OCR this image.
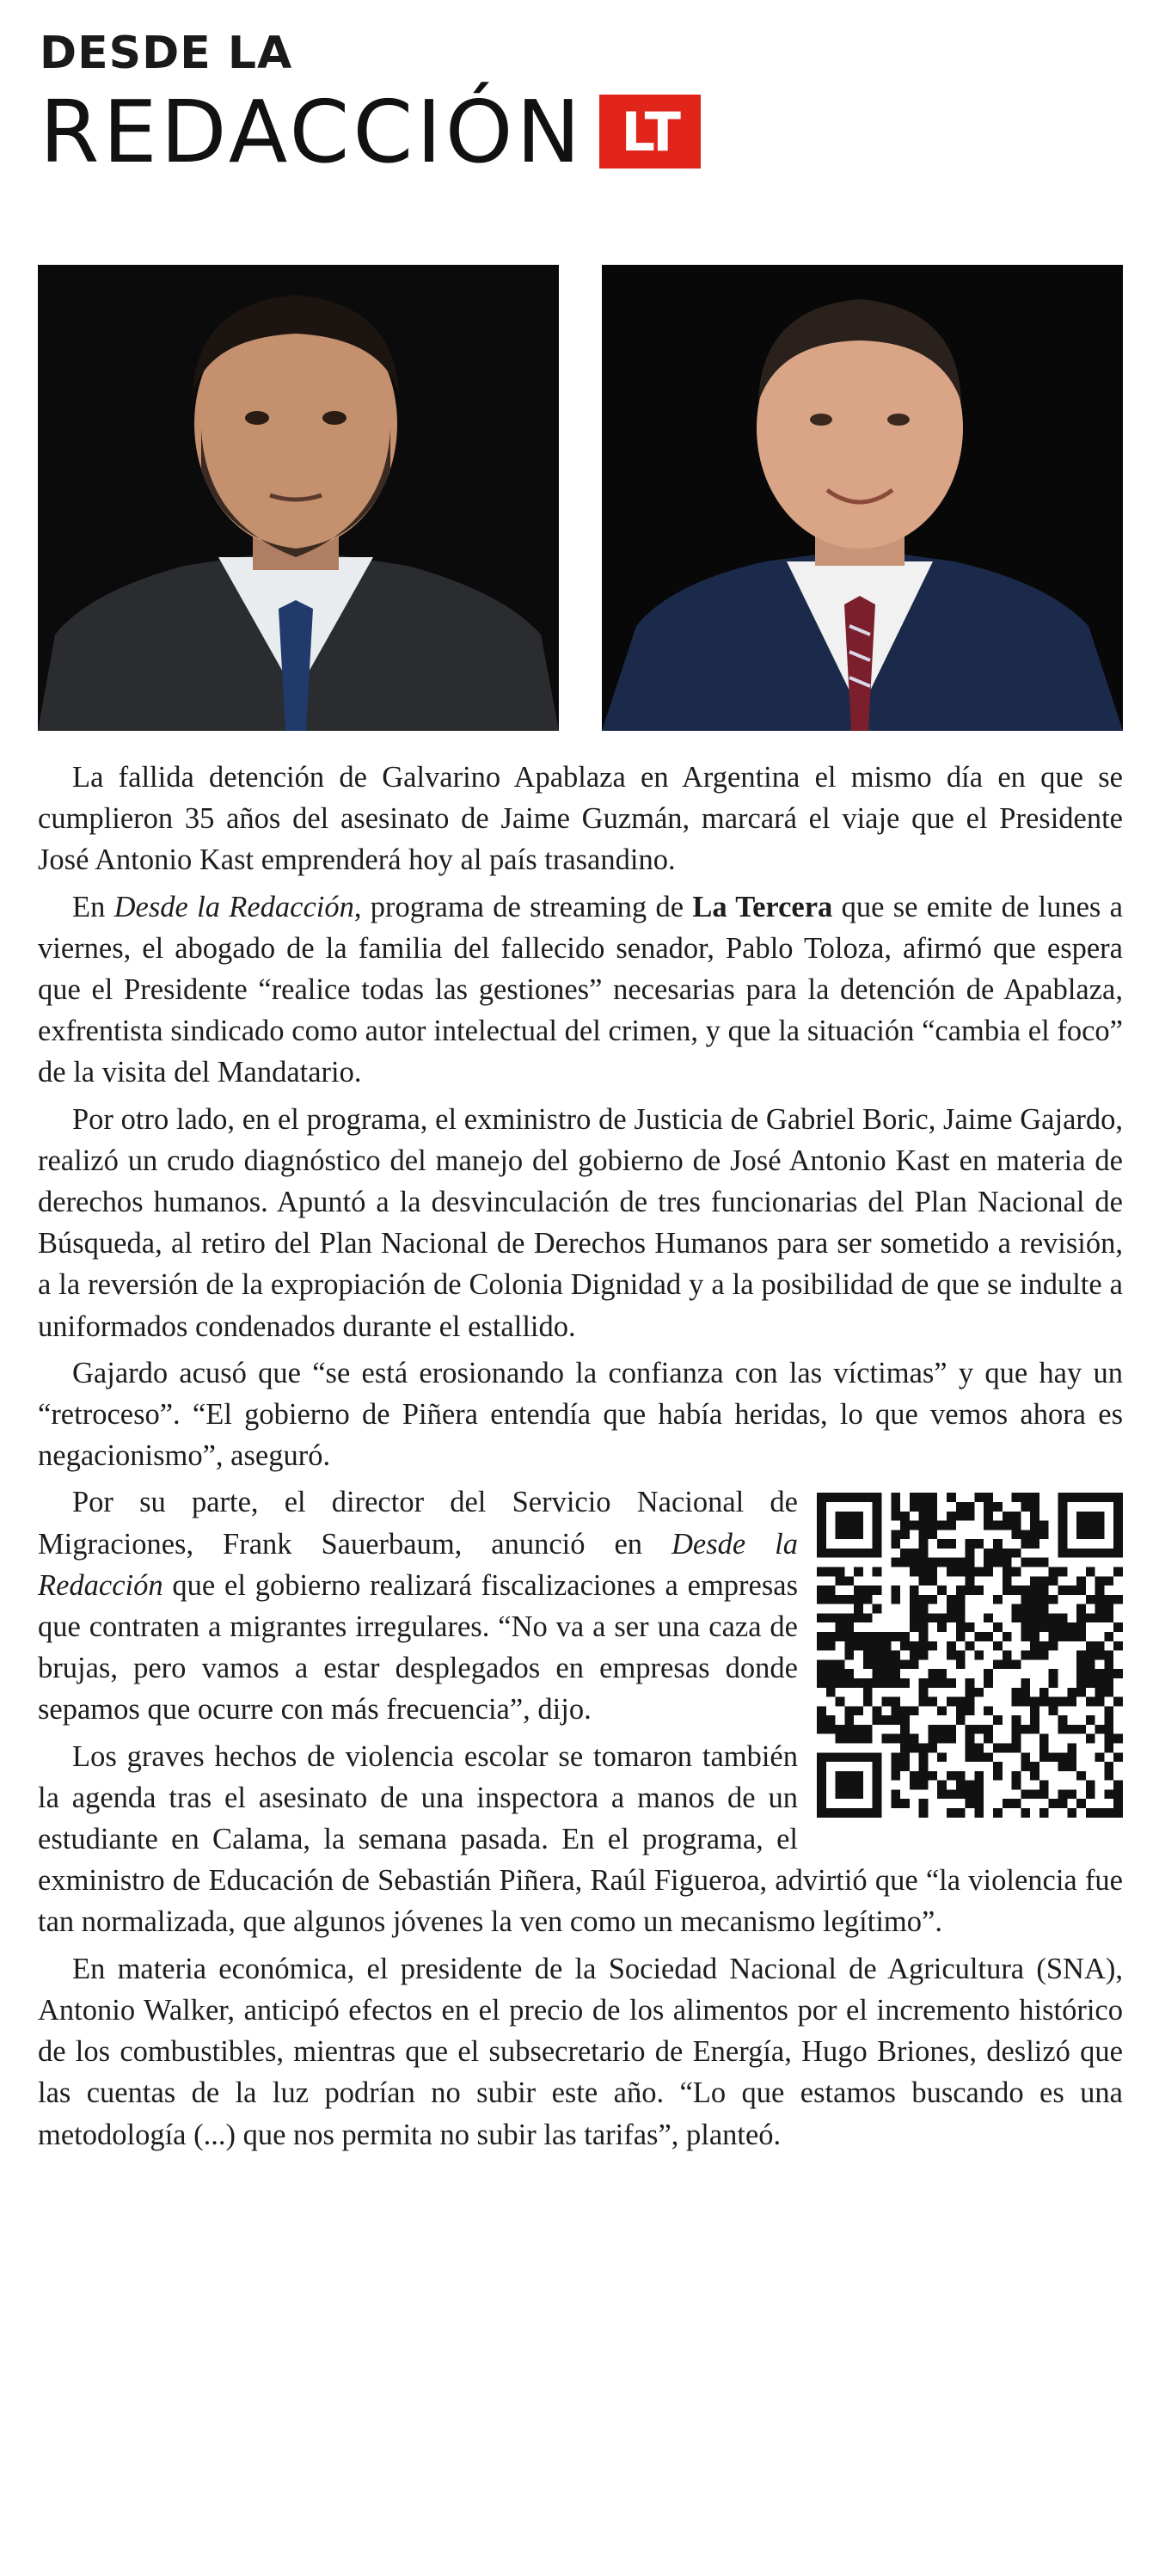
DESDE LA
REDACCIÓN LT

La fallida detención de Galvarino Apablaza en Argentina el mismo día en que se cumplieron 35 años del asesinato de Jaime Guzmán, marcará el viaje que el Presidente José Antonio Kast emprenderá hoy al país trasandino.

En Desde la Redacción, programa de streaming de La Tercera que se emite de lunes a viernes, el abogado de la familia del fallecido senador, Pablo Toloza, afirmó que espera que el Presidente “realice todas las gestiones” necesarias para la detención de Apablaza, exfrentista sindicado como autor intelectual del crimen, y que la situación “cambia el foco” de la visita del Mandatario.

Por otro lado, en el programa, el exministro de Justicia de Gabriel Boric, Jaime Gajardo, realizó un crudo diagnóstico del manejo del gobierno de José Antonio Kast en materia de derechos humanos. Apuntó a la desvinculación de tres funcionarias del Plan Nacional de Búsqueda, al retiro del Plan Nacional de Derechos Humanos para ser sometido a revisión, a la reversión de la expropiación de Colonia Dignidad y a la posibilidad de que se indulte a uniformados condenados durante el estallido.

Gajardo acusó que “se está erosionando la confianza con las víctimas” y que hay un “retroceso”. “El gobierno de Piñera entendía que había heridas, lo que vemos ahora es negacionismo”, aseguró.

Por su parte, el director del Servicio Nacional de Migraciones, Frank Sauerbaum, anunció en Desde la Redacción que el gobierno realizará fiscalizaciones a empresas que contraten a migrantes irregulares. “No va a ser una caza de brujas, pero vamos a estar desplegados en empresas donde sepamos que ocurre con más frecuencia”, dijo.

Los graves hechos de violencia escolar se tomaron también la agenda tras el asesinato de una inspectora a manos de un estudiante en Calama, la semana pasada. En el programa, el exministro de Educación de Sebastián Piñera, Raúl Figueroa, advirtió que “la violencia fue tan normalizada, que algunos jóvenes la ven como un mecanismo legítimo”.

En materia económica, el presidente de la Sociedad Nacional de Agricultura (SNA), Antonio Walker, anticipó efectos en el precio de los alimentos por el incremento histórico de los combustibles, mientras que el subsecretario de Energía, Hugo Briones, deslizó que las cuentas de la luz podrían no subir este año. “Lo que estamos buscando es una metodología (...) que nos permita no subir las tarifas”, planteó.
